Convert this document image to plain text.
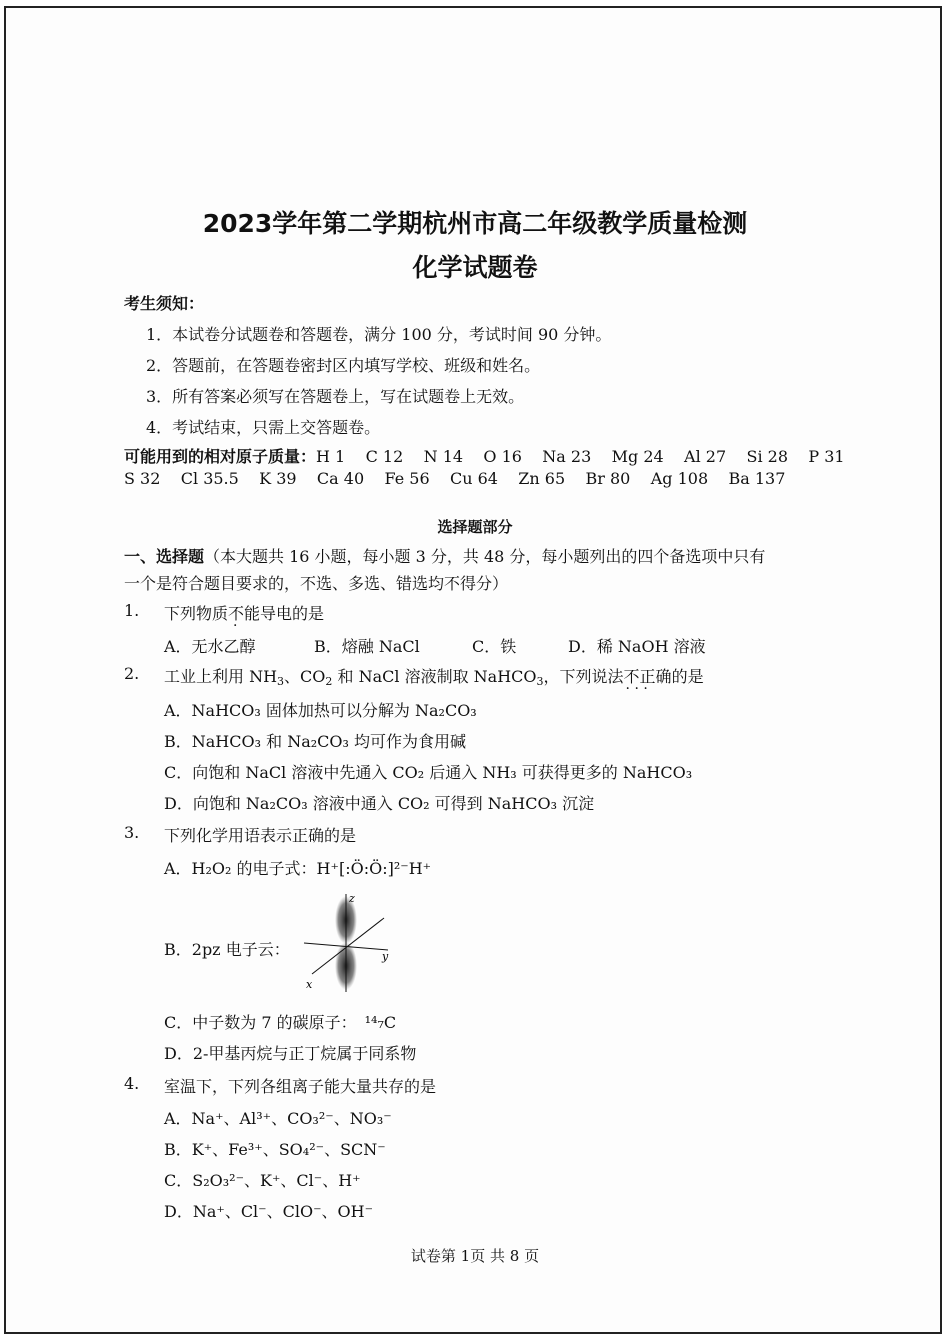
2023学年第二学期杭州市高二年级教学质量检测
化学试题卷
考生须知：
1．本试卷分试题卷和答题卷，满分 100 分，考试时间 90 分钟。
2．答题前，在答题卷密封区内填写学校、班级和姓名。
3．所有答案必须写在答题卷上，写在试题卷上无效。
4．考试结束，只需上交答题卷。
可能用到的相对原子质量：H 1    C 12    N 14    O 16    Na 23    Mg 24    Al 27    Si 28    P 31
S 32    Cl 35.5    K 39    Ca 40    Fe 56    Cu 64    Zn 65    Br 80    Ag 108    Ba 137
选择题部分
一、选择题（本大题共 16 小题，每小题 3 分，共 48 分，每小题列出的四个备选项中只有
一个是符合题目要求的，不选、多选、错选均不得分）
1. 下列物质不能导电的是
A．无水乙醇	B．熔融 NaCl	C．铁	D．稀 NaOH 溶液
2. 工业上利用 $NH_3$、$CO_2$ 和 NaCl 溶液制取 NaHCO$_3$，下列说法不正确 · · ·的是
A．NaHCO₃ 固体加热可以分解为 Na₂CO₃
B．NaHCO₃ 和 Na₂CO₃ 均可作为食用碱
C．向饱和 NaCl 溶液中先通入 CO₂ 后通入 NH₃ 可获得更多的 NaHCO₃
D．向饱和 Na₂CO₃ 溶液中通入 CO₂ 可得到 NaHCO₃ 沉淀
3. 下列化学用语表示正确的是
A．H₂O₂ 的电子式：H⁺[:Ö:Ö:]²⁻H⁺
B．2pz 电子云：
z
y
x
C．中子数为 7 的碳原子： ¹⁴₇C
D．2-甲基丙烷与正丁烷属于同系物
4. 室温下，下列各组离子能大量共存的是
A．Na⁺、Al³⁺、CO₃²⁻、NO₃⁻
B．K⁺、Fe³⁺、SO₄²⁻、SCN⁻
C．S₂O₃²⁻、K⁺、Cl⁻、H⁺
D．Na⁺、Cl⁻、ClO⁻、OH⁻
试卷第 1页 共 8 页
